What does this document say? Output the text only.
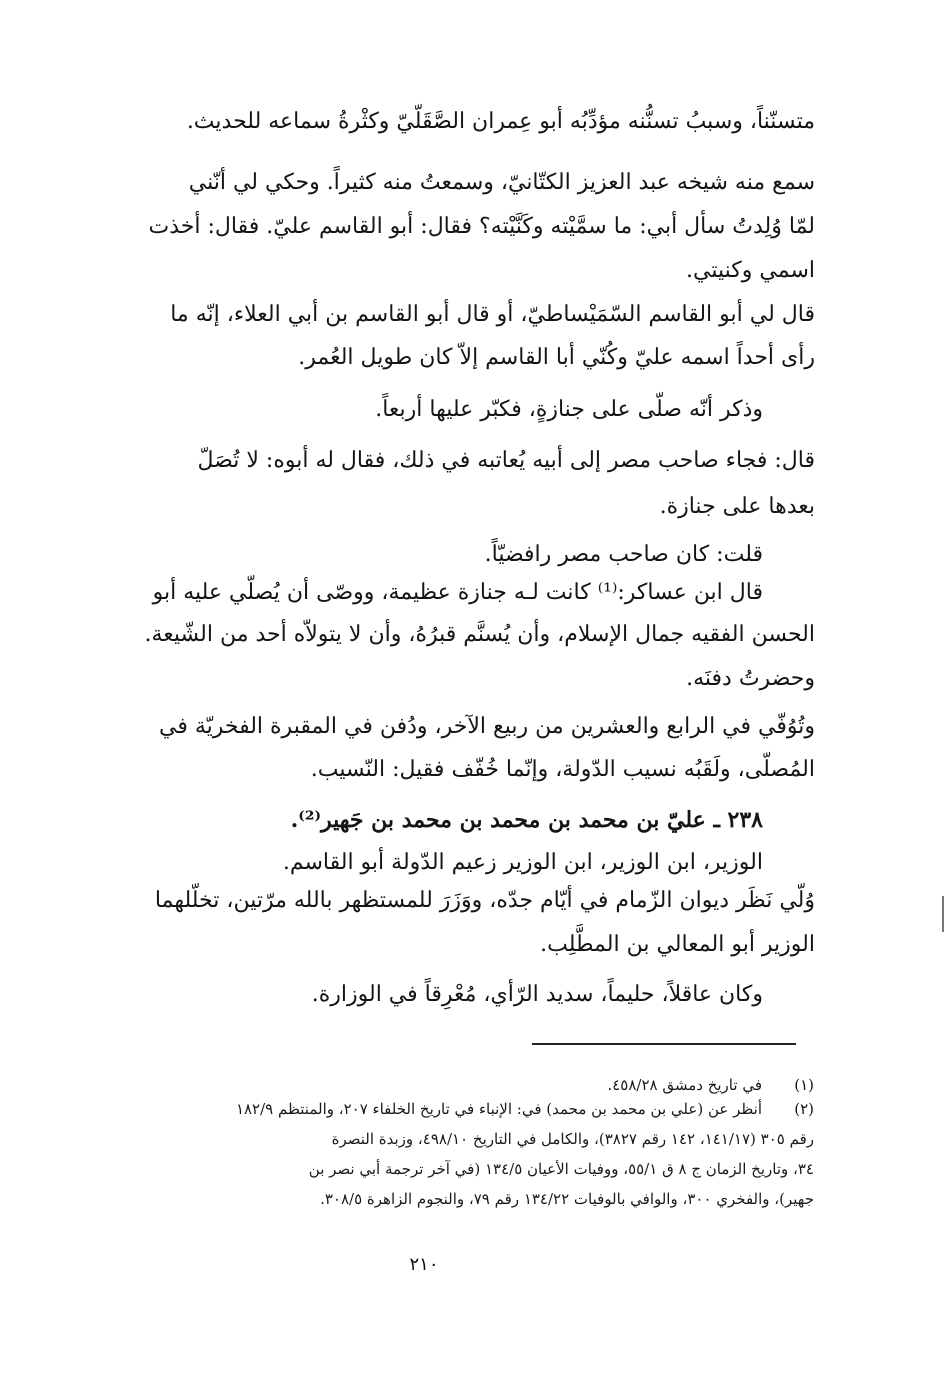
متسنّناً، وسببُ تسنُّنه مؤدِّبُه أبو عِمران الصَّقَلّيّ وكثْرةُ سماعه للحديث.
سمع منه شيخه عبد العزيز الكتّانيّ، وسمعتُ منه كثيراً. وحكي لي أنّني
لمّا وُلِدتُ سأل أبي: ما سمَّيْته وكَنَّيْته؟ فقال: أبو القاسم عليّ. فقال: أخذت
اسمي وكنيتي.
قال لي أبو القاسم السّمَيْساطيّ، أو قال أبو القاسم بن أبي العلاء، إنّه ما
رأى أحداً اسمه عليّ وكُنّي أبا القاسم إلاّ كان طويل العُمر.
وذكر أنّه صلّى على جنازةٍ، فكبّر عليها أربعاً.
قال: فجاء صاحب مصر إلى أبيه يُعاتبه في ذلك، فقال له أبوه: لا تُصَلّ
بعدها على جنازة.
قلت: كان صاحب مصر رافضيّاً.
قال ابن عساكر:⁽¹⁾ كانت لـه جنازة عظيمة، ووصّى أن يُصلّي عليه أبو
الحسن الفقيه جمال الإسلام، وأن يُسنَّم قبرُهُ، وأن لا يتولاّه أحد من الشّيعة.
وحضرتُ دفنَه.
وتُوُفّي في الرابع والعشرين من ربيع الآخر، ودُفن في المقبرة الفخريّة في
المُصلّى، ولَقَبُه نسيب الدّولة، وإنّما خُفّف فقيل: النّسيب.
٢٣٨ ـ عليّ بن محمد بن محمد بن محمد بن جَهير⁽²⁾.
الوزير، ابن الوزير، ابن الوزير زعيم الدّولة أبو القاسم.
وُلّي نَظَر ديوان الزّمام في أيّام جدّه، ووَزَرَ للمستظهر بالله مرّتين، تخلّلهما
الوزير أبو المعالي بن المطَّلِب.
وكان عاقلاً، حليماً، سديد الرّأي، مُعْرِقاً في الوزارة.
(١)
في تاريخ دمشق ٤٥٨/٢٨.
(٢)
أنظر عن (علي بن محمد بن محمد) في: الإنباء في تاريخ الخلفاء ٢٠٧، والمنتظم ١٨٢/٩
رقم ٣٠٥ (١٤١/١٧، ١٤٢ رقم ٣٨٢٧)، والكامل في التاريخ ٤٩٨/١٠، وزبدة النصرة
٣٤، وتاريخ الزمان ج ٨ ق ٥٥/١، ووفيات الأعيان ١٣٤/٥ (في آخر ترجمة أبي نصر بن
جهير)، والفخري ٣٠٠، والوافي بالوفيات ١٣٤/٢٢ رقم ٧٩، والنجوم الزاهرة ٣٠٨/٥.
٢١٠
